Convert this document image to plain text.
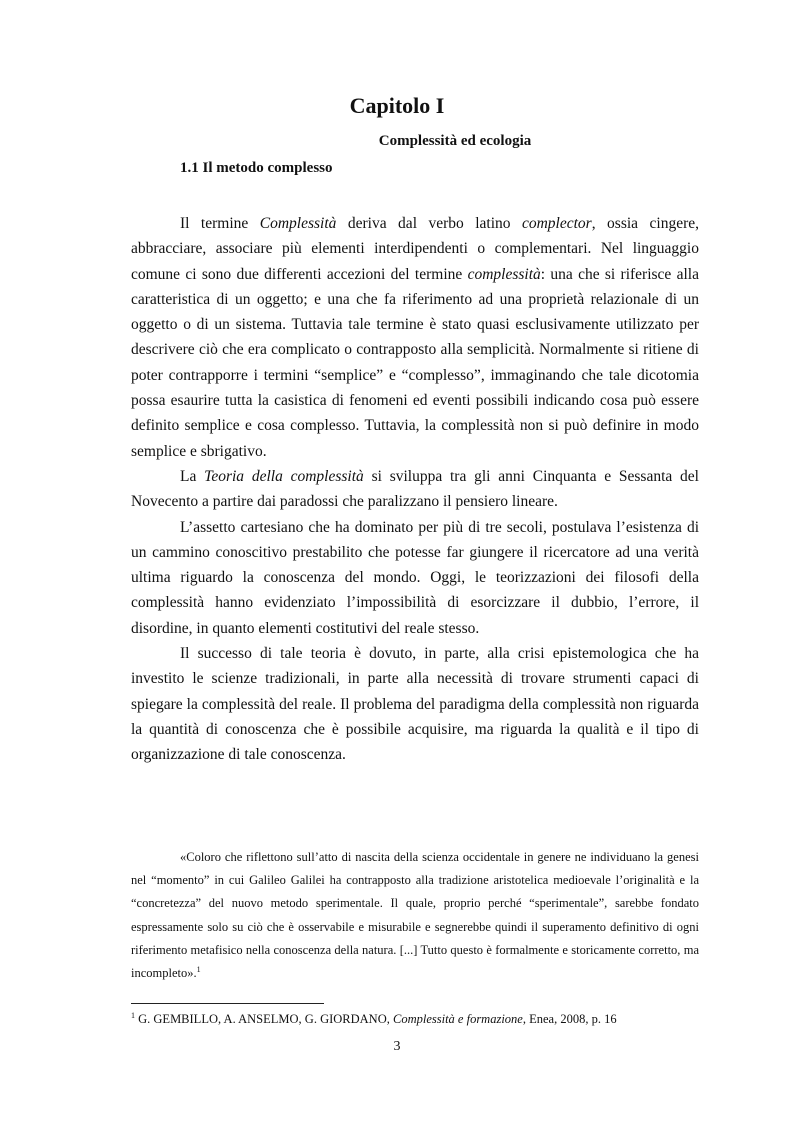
Capitolo I
Complessità ed ecologia
1.1 Il metodo complesso

Il termine Complessità deriva dal verbo latino complector, ossia cingere, abbracciare, associare più elementi interdipendenti o complementari. Nel linguaggio comune ci sono due differenti accezioni del termine complessità: una che si riferisce alla caratteristica di un oggetto; e una che fa riferimento ad una proprietà relazionale di un oggetto o di un sistema. Tuttavia tale termine è stato quasi esclusivamente utilizzato per descrivere ciò che era complicato o contrapposto alla semplicità. Normalmente si ritiene di poter contrapporre i termini “semplice” e “complesso”, immaginando che tale dicotomia possa esaurire tutta la casistica di fenomeni ed eventi possibili indicando cosa può essere definito semplice e cosa complesso. Tuttavia, la complessità non si può definire in modo semplice e sbrigativo.

La Teoria della complessità si sviluppa tra gli anni Cinquanta e Sessanta del Novecento a partire dai paradossi che paralizzano il pensiero lineare.

L’assetto cartesiano che ha dominato per più di tre secoli, postulava l’esistenza di un cammino conoscitivo prestabilito che potesse far giungere il ricercatore ad una verità ultima riguardo la conoscenza del mondo. Oggi, le teorizzazioni dei filosofi della complessità hanno evidenziato l’impossibilità di esorcizzare il dubbio, l’errore, il disordine, in quanto elementi costitutivi del reale stesso.

Il successo di tale teoria è dovuto, in parte, alla crisi epistemologica che ha investito le scienze tradizionali, in parte alla necessità di trovare strumenti capaci di spiegare la complessità del reale. Il problema del paradigma della complessità non riguarda la quantità di conoscenza che è possibile acquisire, ma riguarda la qualità e il tipo di organizzazione di tale conoscenza.

«Coloro che riflettono sull’atto di nascita della scienza occidentale in genere ne individuano la genesi nel “momento” in cui Galileo Galilei ha contrapposto alla tradizione aristotelica medioevale l’originalità e la “concretezza” del nuovo metodo sperimentale. Il quale, proprio perché “sperimentale”, sarebbe fondato espressamente solo su ciò che è osservabile e misurabile e segnerebbe quindi il superamento definitivo di ogni riferimento metafisico nella conoscenza della natura. [...] Tutto questo è formalmente e storicamente corretto, ma incompleto».$^1$

$^1$ G. GEMBILLO, A. ANSELMO, G. GIORDANO, Complessità e formazione, Enea, 2008, p. 16
3
